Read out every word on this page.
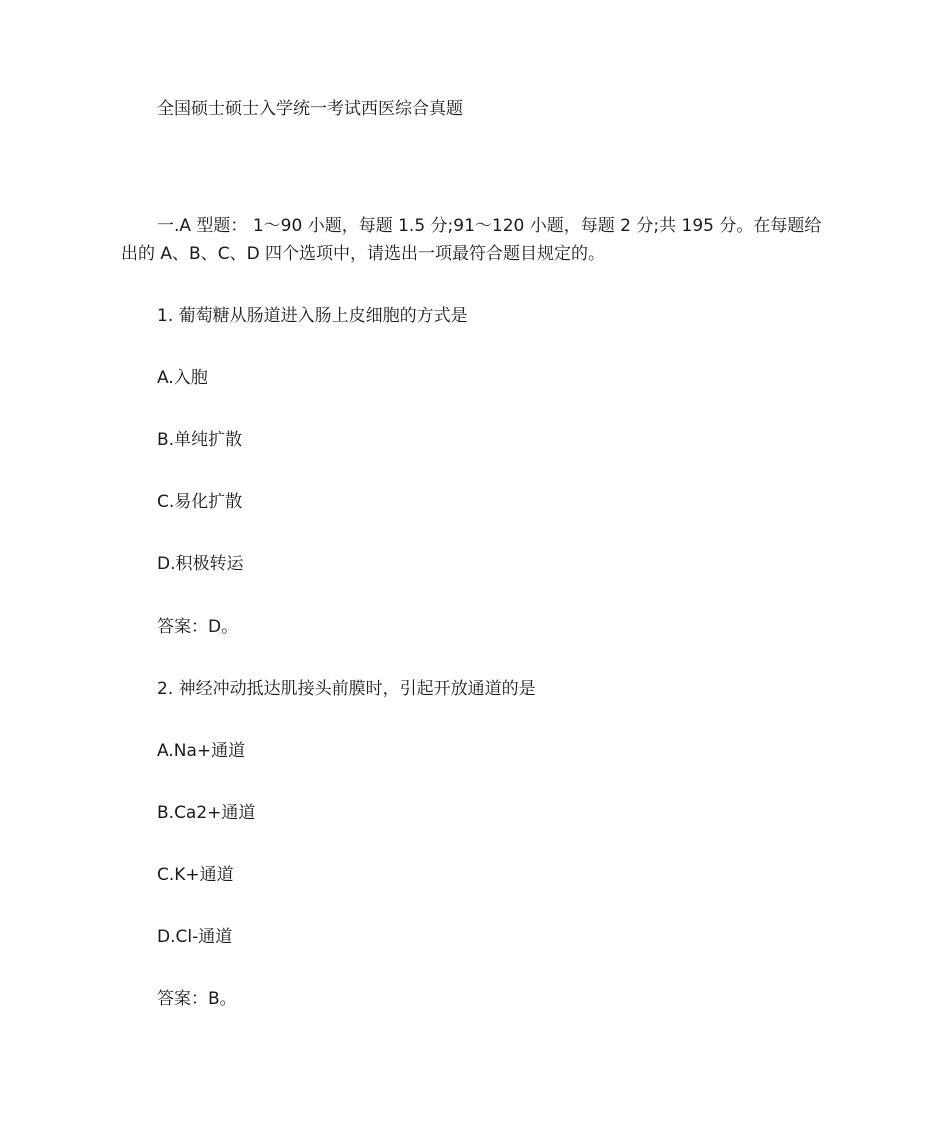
全国硕士硕士入学统一考试西医综合真题
一.A 型题： 1～90 小题，每题 1.5 分;91～120 小题，每题 2 分;共 195 分。在每题给出的 A、B、C、D 四个选项中，请选出一项最符合题目规定的。
1. 葡萄糖从肠道进入肠上皮细胞的方式是
A.入胞
B.单纯扩散
C.易化扩散
D.积极转运
答案：D。
2. 神经冲动抵达肌接头前膜时，引起开放通道的是
A.Na+通道
B.Ca2+通道
C.K+通道
D.Cl-通道
答案：B。
